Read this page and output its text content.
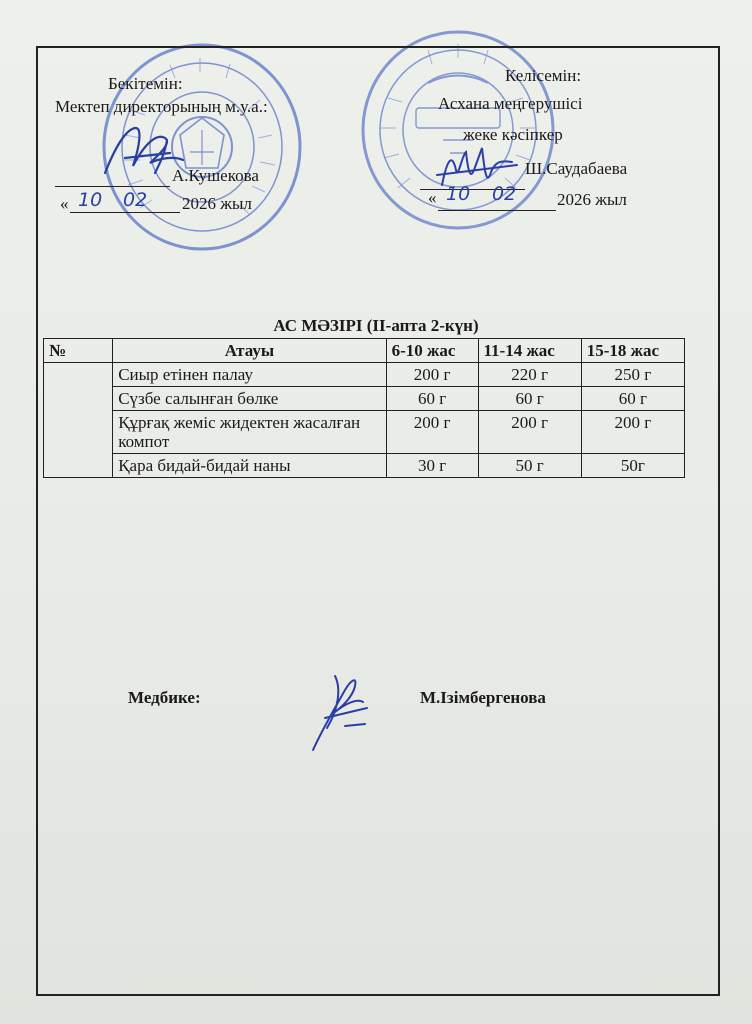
Бекітемін:
Мектеп директорының м.у.а.:
А.Кушекова
« 10 02 2026 жыл
Келісемін:
Асхана меңгерушісі
жеке кәсіпкер
Ш.Саудабаева
« 10 02 2026 жыл
АС МӘЗІРІ (II-апта 2-күн)
№	Атауы	6-10 жас	11-14 жас	15-18 жас
	Сиыр етінен палау	200 г	220 г	250 г
	Сүзбе салынған бөлке	60 г	60 г	60 г
	Құрғақ жеміс жидектен жасалған компот	200 г	200 г	200 г
	Қара бидай-бидай наны	30 г	50 г	50г
Медбике:	М.Ізімбергенова
